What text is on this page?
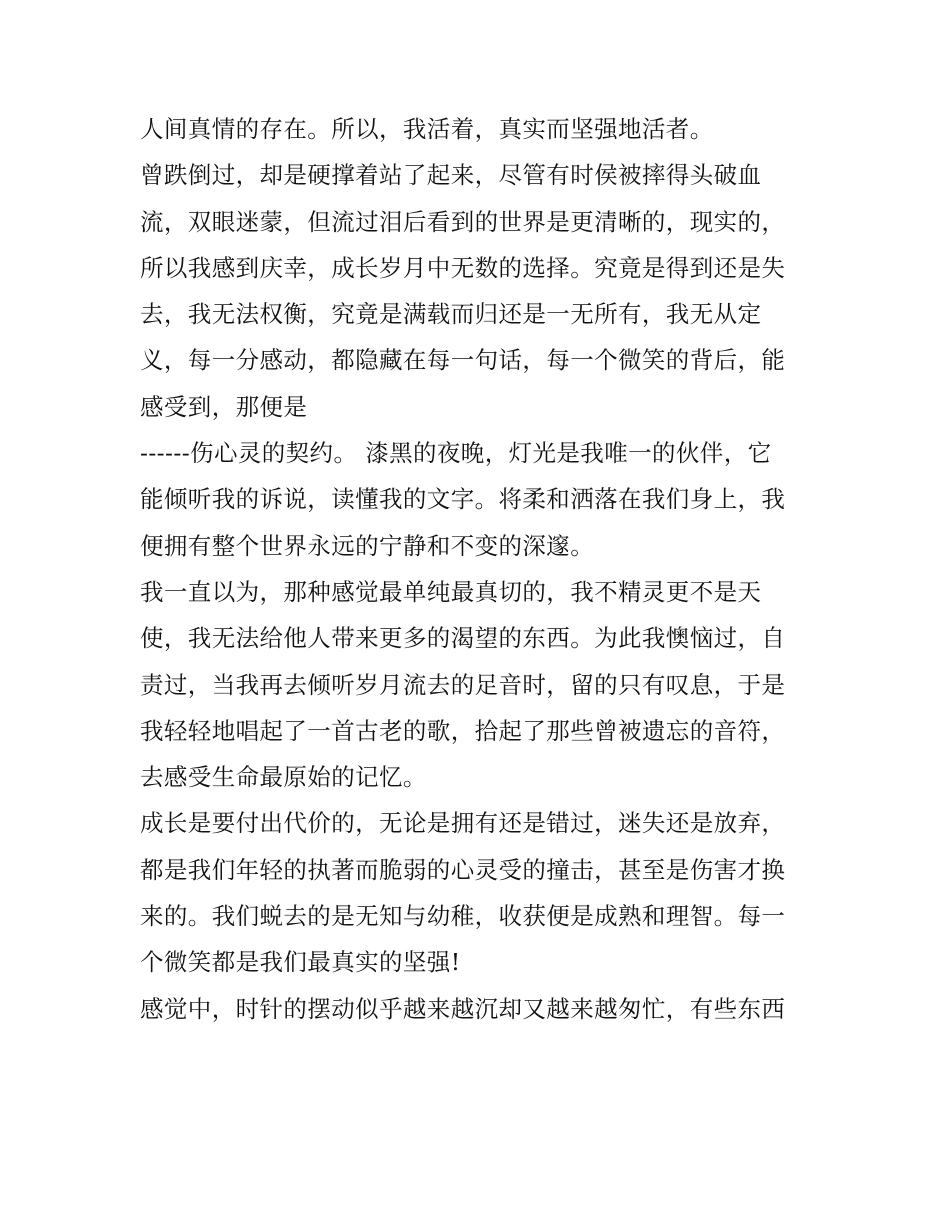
人间真情的存在。所以，我活着，真实而坚强地活者。
曾跌倒过，却是硬撑着站了起来，尽管有时侯被摔得头破血
流，双眼迷蒙，但流过泪后看到的世界是更清晰的，现实的，
所以我感到庆幸，成长岁月中无数的选择。究竟是得到还是失
去，我无法权衡，究竟是满载而归还是一无所有，我无从定
义，每一分感动，都隐藏在每一句话，每一个微笑的背后，能
感受到，那便是
------伤心灵的契约。 漆黑的夜晚，灯光是我唯一的伙伴，它
能倾听我的诉说，读懂我的文字。将柔和洒落在我们身上，我
便拥有整个世界永远的宁静和不变的深邃。
我一直以为，那种感觉最单纯最真切的，我不精灵更不是天
使，我无法给他人带来更多的渴望的东西。为此我懊恼过，自
责过，当我再去倾听岁月流去的足音时，留的只有叹息，于是
我轻轻地唱起了一首古老的歌，拾起了那些曾被遗忘的音符，
去感受生命最原始的记忆。
成长是要付出代价的，无论是拥有还是错过，迷失还是放弃，
都是我们年轻的执著而脆弱的心灵受的撞击，甚至是伤害才换
来的。我们蜕去的是无知与幼稚，收获便是成熟和理智。每一
个微笑都是我们最真实的坚强!
感觉中，时针的摆动似乎越来越沉却又越来越匆忙，有些东西
